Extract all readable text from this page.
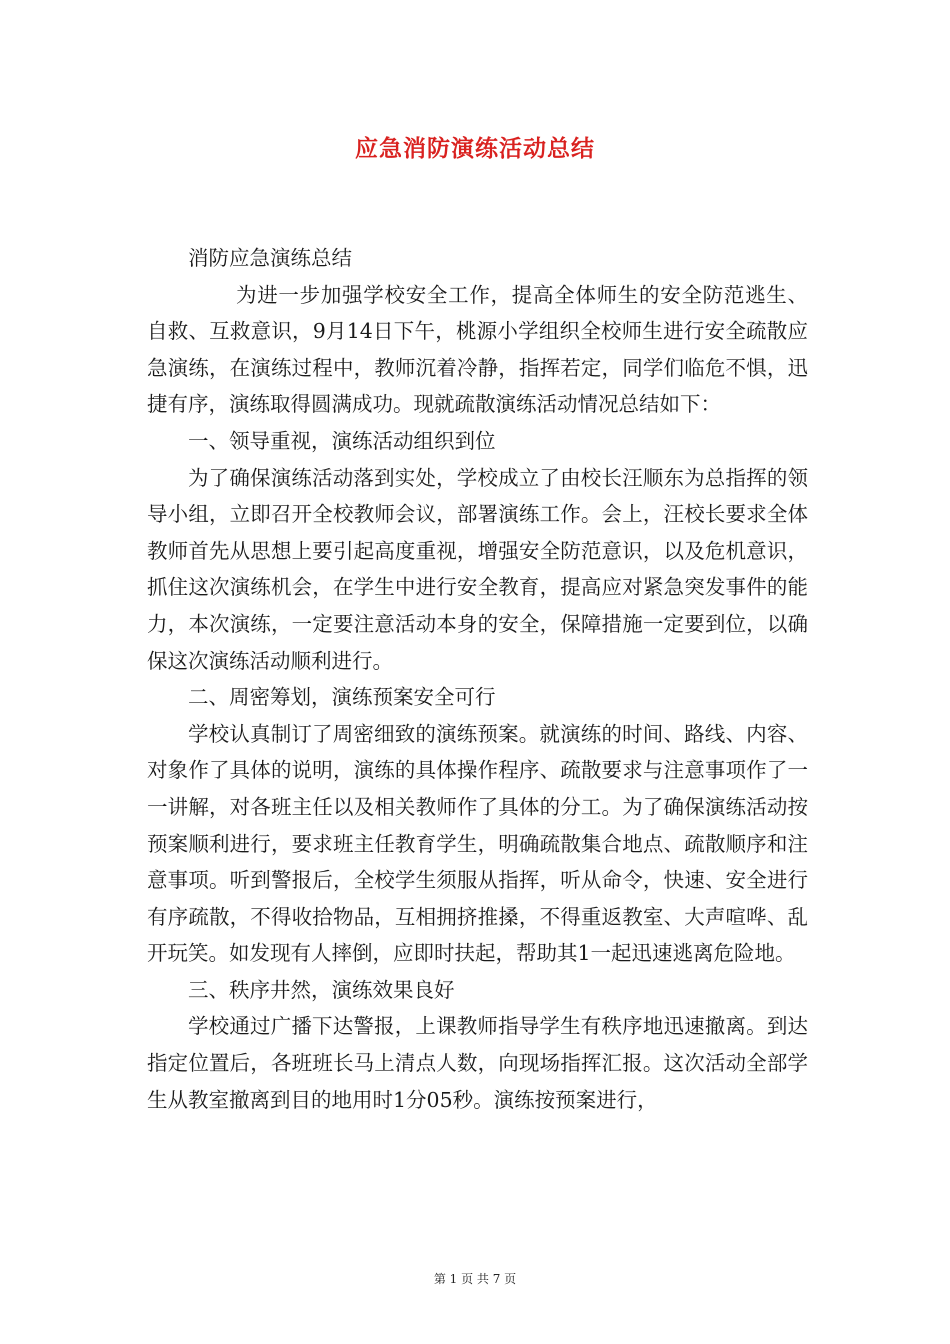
应急消防演练活动总结

消防应急演练总结

为进一步加强学校安全工作，提高全体师生的安全防范逃生、自救、互救意识，9月14日下午，桃源小学组织全校师生进行安全疏散应急演练，在演练过程中，教师沉着冷静，指挥若定，同学们临危不惧，迅捷有序，演练取得圆满成功。现就疏散演练活动情况总结如下：

一、领导重视，演练活动组织到位

为了确保演练活动落到实处，学校成立了由校长汪顺东为总指挥的领导小组，立即召开全校教师会议，部署演练工作。会上，汪校长要求全体教师首先从思想上要引起高度重视，增强安全防范意识，以及危机意识，抓住这次演练机会，在学生中进行安全教育，提高应对紧急突发事件的能力，本次演练，一定要注意活动本身的安全，保障措施一定要到位，以确保这次演练活动顺利进行。

二、周密筹划，演练预案安全可行

学校认真制订了周密细致的演练预案。就演练的时间、路线、内容、对象作了具体的说明，演练的具体操作程序、疏散要求与注意事项作了一一讲解，对各班主任以及相关教师作了具体的分工。为了确保演练活动按预案顺利进行，要求班主任教育学生，明确疏散集合地点、疏散顺序和注意事项。听到警报后，全校学生须服从指挥，听从命令，快速、安全进行有序疏散，不得收拾物品，互相拥挤推搡，不得重返教室、大声喧哗、乱开玩笑。如发现有人摔倒，应即时扶起，帮助其1一起迅速逃离危险地。

三、秩序井然，演练效果良好

学校通过广播下达警报，上课教师指导学生有秩序地迅速撤离。到达指定位置后，各班班长马上清点人数，向现场指挥汇报。这次活动全部学生从教室撤离到目的地用时1分05秒。演练按预案进行，

第 1 页 共 7 页
